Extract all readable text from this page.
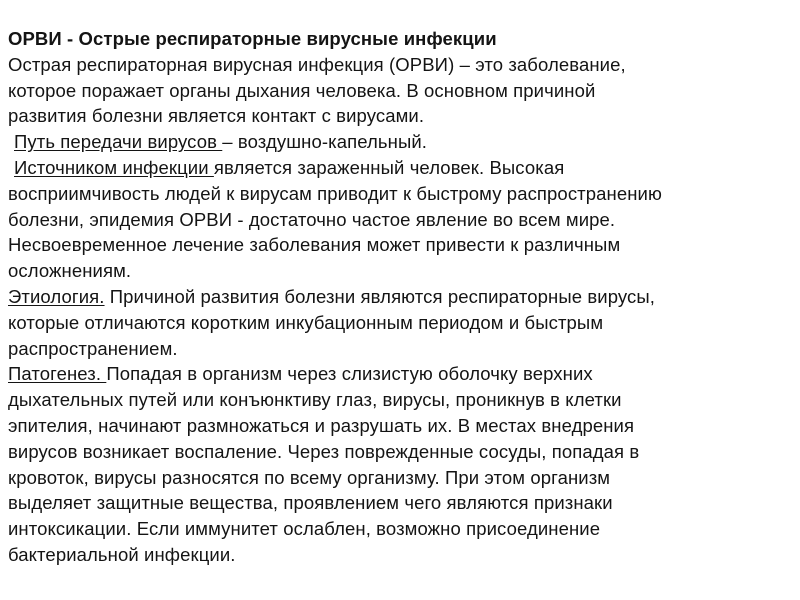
ОРВИ - Острые респираторные вирусные инфекции
Острая респираторная вирусная инфекция (ОРВИ) – это заболевание,
которое поражает органы дыхания человека. В основном причиной
развития болезни является контакт с вирусами.
Путь передачи вирусов – воздушно-капельный.
Источником инфекции является зараженный человек. Высокая
восприимчивость людей к вирусам приводит к быстрому распространению
болезни, эпидемия ОРВИ - достаточно частое явление во всем мире.
Несвоевременное лечение заболевания может привести к различным
осложнениям.
Этиология. Причиной развития болезни являются респираторные вирусы,
которые отличаются коротким инкубационным периодом и быстрым
распространением.
Патогенез. Попадая в организм через слизистую оболочку верхних
дыхательных путей или конъюнктиву глаз, вирусы, проникнув в клетки
эпителия, начинают размножаться и разрушать их. В местах внедрения
вирусов возникает воспаление. Через поврежденные сосуды, попадая в
кровоток, вирусы разносятся по всему организму. При этом организм
выделяет защитные вещества, проявлением чего являются признаки
интоксикации. Если иммунитет ослаблен, возможно присоединение
бактериальной инфекции.
